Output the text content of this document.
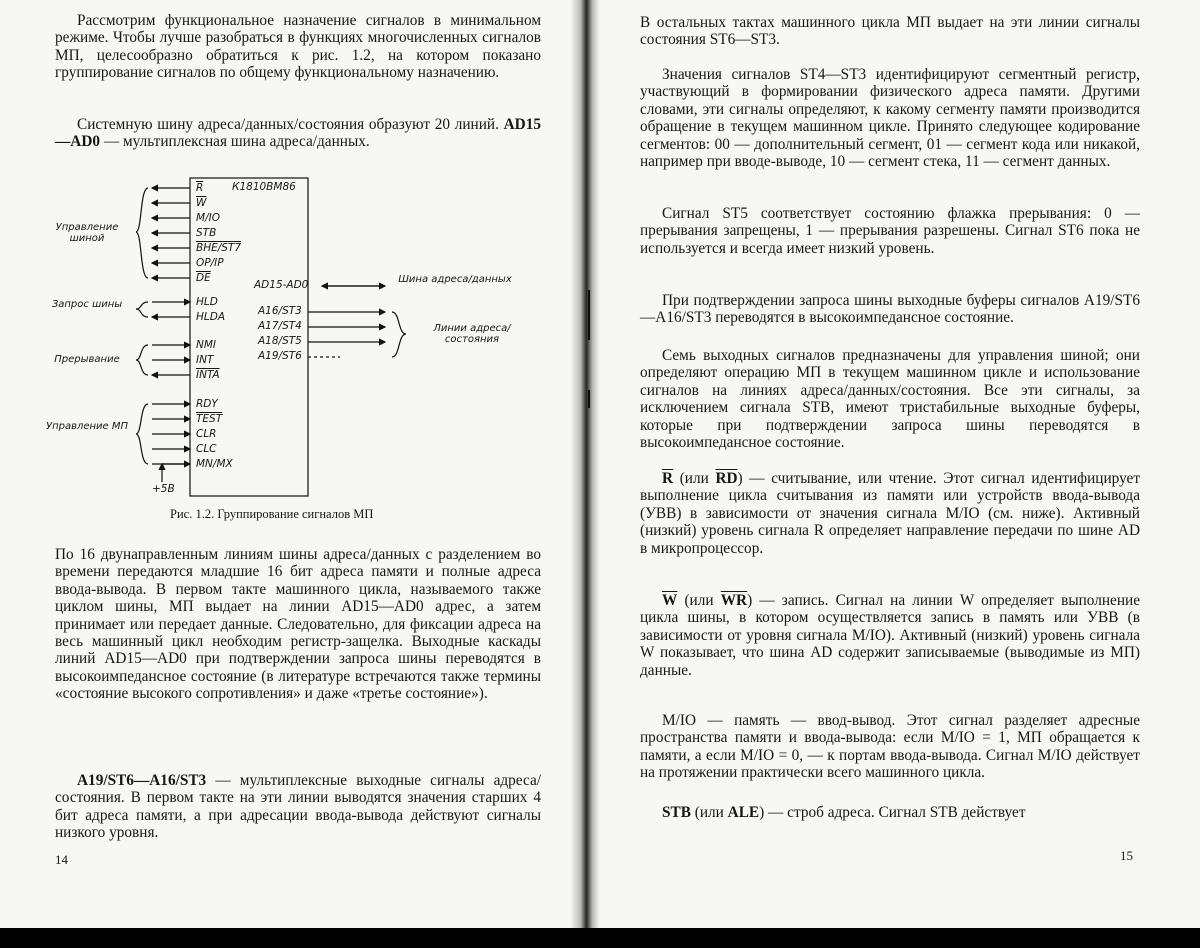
Рассмотрим функциональное назначение сигналов в минимальном режиме. Чтобы лучше разобраться в функциях многочисленных сигналов МП, целесообразно обратиться к рис. 1.2, на котором показано группирование сигналов по общему функциональному назначению.

Системную шину адреса/данных/состояния образуют 20 линий. AD15—AD0 — мультиплексная шина адреса/данных.

К1810ВМ86
$\overline{R}$
$\overline{W}$
M/IO
STB
BHE/ST7
OP/IP
$\overline{DE}$
HLD
HLDA
NMI
INT
INTA
RDY
TEST
CLR
CLC
MN/MX
AD15-AD0
A16/ST3
A17/ST4
A18/ST5
A19/ST6
Управление шиной
Запрос шины
Прерывание
Управление МП
Шина адреса/данных
Линии адреса/состояния
+5В
Рис. 1.2. Группирование сигналов МП

По 16 двунаправленным линиям шины адреса/данных с разделением во времени передаются младшие 16 бит адреса памяти и полные адреса ввода-вывода. В первом такте машинного цикла, называемого также циклом шины, МП выдает на линии AD15—AD0 адрес, а затем принимает или передает данные. Следовательно, для фиксации адреса на весь машинный цикл необходим регистр-защелка. Выходные каскады линий AD15—AD0 при подтверждении запроса шины переводятся в высокоимпедансное состояние (в литературе встречаются также термины «состояние высокого сопротивления» и даже «третье состояние»).

A19/ST6—A16/ST3 — мультиплексные выходные сигналы адреса/состояния. В первом такте на эти линии выводятся значения старших 4 бит адреса памяти, а при адресации ввода-вывода действуют сигналы низкого уровня.

14

В остальных тактах машинного цикла МП выдает на эти линии сигналы состояния ST6—ST3.

Значения сигналов ST4—ST3 идентифицируют сегментный регистр, участвующий в формировании физического адреса памяти. Другими словами, эти сигналы определяют, к какому сегменту памяти производится обращение в текущем машинном цикле. Принято следующее кодирование сегментов: 00 — дополнительный сегмент, 01 — сегмент кода или никакой, например при вводе-выводе, 10 — сегмент стека, 11 — сегмент данных.

Сигнал ST5 соответствует состоянию флажка прерывания: 0 — прерывания запрещены, 1 — прерывания разрешены. Сигнал ST6 пока не используется и всегда имеет низкий уровень.

При подтверждении запроса шины выходные буферы сигналов A19/ST6—A16/ST3 переводятся в высокоимпедансное состояние.

Семь выходных сигналов предназначены для управления шиной; они определяют операцию МП в текущем машинном цикле и использование сигналов на линиях адреса/данных/состояния. Все эти сигналы, за исключением сигнала STB, имеют тристабильные выходные буферы, которые при подтверждении запроса шины переводятся в высокоимпедансное состояние.

$\overline{R}$ (или $\overline{RD}$) — считывание, или чтение. Этот сигнал идентифицирует выполнение цикла считывания из памяти или устройств ввода-вывода (УВВ) в зависимости от значения сигнала M/IO (см. ниже). Активный (низкий) уровень сигнала R определяет направление передачи по шине AD в микропроцессор.

$\overline{W}$ (или $\overline{WR}$) — запись. Сигнал на линии W определяет выполнение цикла шины, в котором осуществляется запись в память или УВВ (в зависимости от уровня сигнала M/IO). Активный (низкий) уровень сигнала W показывает, что шина AD содержит записываемые (выводимые из МП) данные.

M/IO — память — ввод-вывод. Этот сигнал разделяет адресные пространства памяти и ввода-вывода: если M/IO = 1, МП обращается к памяти, а если M/IO = 0, — к портам ввода-вывода. Сигнал M/IO действует на протяжении практически всего машинного цикла.

STB (или ALE) — строб адреса. Сигнал STB действует

15
